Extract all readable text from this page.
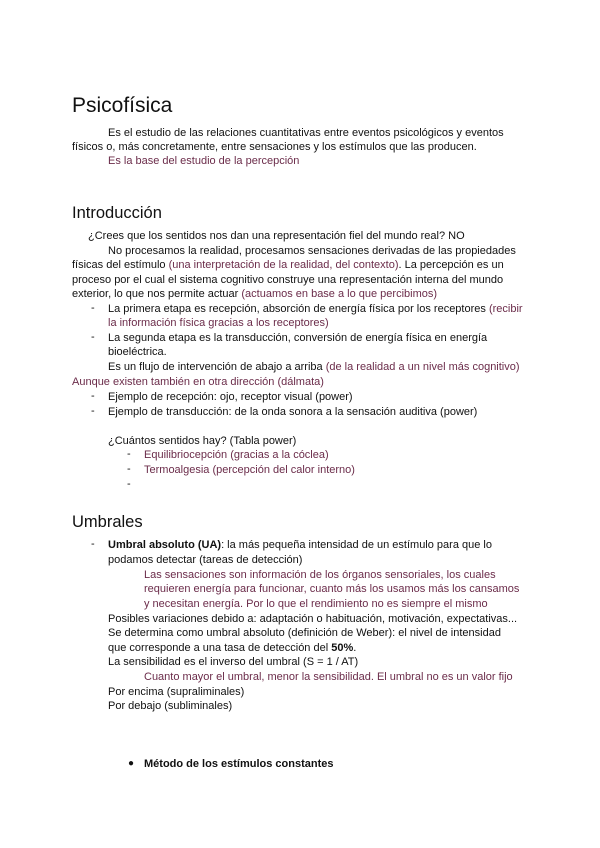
Psicofísica
Es el estudio de las relaciones cuantitativas entre eventos psicológicos y eventos
físicos o, más concretamente, entre sensaciones y los estímulos que las producen.
Es la base del estudio de la percepción
Introducción
¿Crees que los sentidos nos dan una representación fiel del mundo real? NO
No procesamos la realidad, procesamos sensaciones derivadas de las propiedades
físicas del estímulo (una interpretación de la realidad, del contexto). La percepción es un
proceso por el cual el sistema cognitivo construye una representación interna del mundo
exterior, lo que nos permite actuar (actuamos en base a lo que percibimos)
- La primera etapa es recepción, absorción de energía física por los receptores (recibir
la información física gracias a los receptores)
- La segunda etapa es la transducción, conversión de energía física en energía
bioeléctrica.
Es un flujo de intervención de abajo a arriba (de la realidad a un nivel más cognitivo)
Aunque existen también en otra dirección (dálmata)
- Ejemplo de recepción: ojo, receptor visual (power)
- Ejemplo de transducción: de la onda sonora a la sensación auditiva (power)
¿Cuántos sentidos hay? (Tabla power)
- Equilibriocepción (gracias a la cóclea)
- Termoalgesia (percepción del calor interno)
-
Umbrales
- Umbral absoluto (UA): la más pequeña intensidad de un estímulo para que lo
podamos detectar (tareas de detección)
Las sensaciones son información de los órganos sensoriales, los cuales
requieren energía para funcionar, cuanto más los usamos más los cansamos
y necesitan energía. Por lo que el rendimiento no es siempre el mismo
Posibles variaciones debido a: adaptación o habituación, motivación, expectativas...
Se determina como umbral absoluto (definición de Weber): el nivel de intensidad
que corresponde a una tasa de detección del 50%.
La sensibilidad es el inverso del umbral (S = 1 / AT)
Cuanto mayor el umbral, menor la sensibilidad. El umbral no es un valor fijo
Por encima (supraliminales)
Por debajo (subliminales)
● Método de los estímulos constantes
